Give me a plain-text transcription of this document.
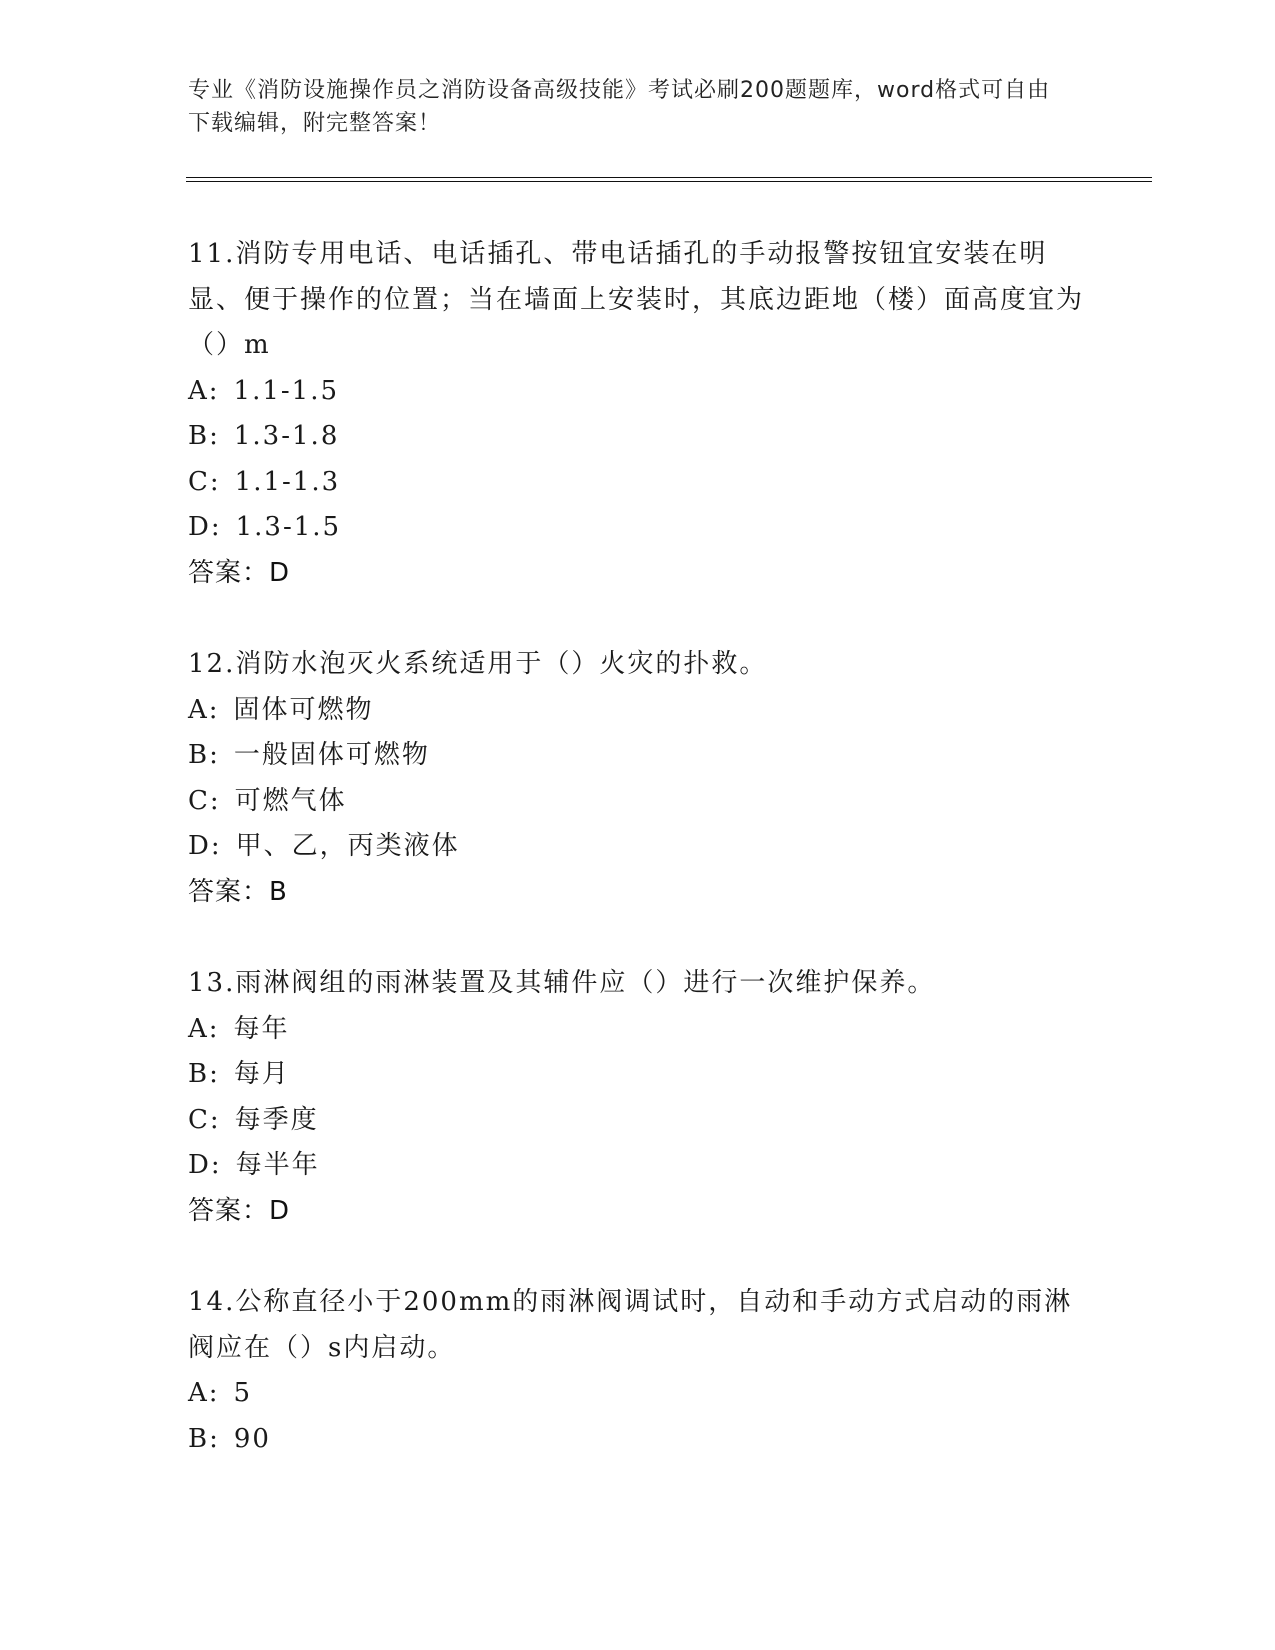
专业《消防设施操作员之消防设备高级技能》考试必刷200题题库，word格式可自由下载编辑，附完整答案！

11.消防专用电话、电话插孔、带电话插孔的手动报警按钮宜安装在明显、便于操作的位置；当在墙面上安装时，其底边距地（楼）面高度宜为（）m

A: 1.1-1.5

B: 1.3-1.8

C: 1.1-1.3

D: 1.3-1.5

答案：D

12.消防水泡灭火系统适用于（）火灾的扑救。

A: 固体可燃物

B: 一般固体可燃物

C: 可燃气体

D: 甲、乙，丙类液体

答案：B

13.雨淋阀组的雨淋装置及其辅件应（）进行一次维护保养。

A: 每年

B: 每月

C: 每季度

D: 每半年

答案：D

14.公称直径小于200mm的雨淋阀调试时，自动和手动方式启动的雨淋阀应在（）s内启动。

A: 5

B: 90
